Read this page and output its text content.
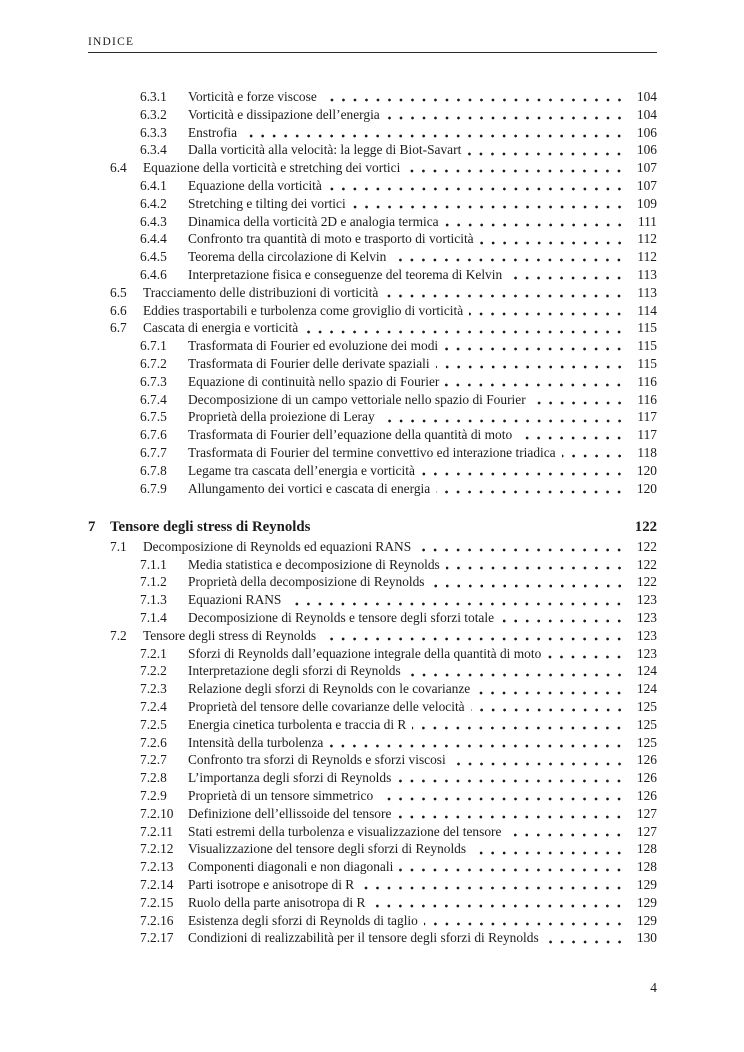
INDICE
6.3.1	Vorticità e forze viscose	104
6.3.2	Vorticità e dissipazione dell’energia	104
6.3.3	Enstrofia	106
6.3.4	Dalla vorticità alla velocità: la legge di Biot-Savart	106
6.4	Equazione della vorticità e stretching dei vortici	107
6.4.1	Equazione della vorticità	107
6.4.2	Stretching e tilting dei vortici	109
6.4.3	Dinamica della vorticità 2D e analogia termica	111
6.4.4	Confronto tra quantità di moto e trasporto di vorticità	112
6.4.5	Teorema della circolazione di Kelvin	112
6.4.6	Interpretazione fisica e conseguenze del teorema di Kelvin	113
6.5	Tracciamento delle distribuzioni di vorticità	113
6.6	Eddies trasportabili e turbolenza come groviglio di vorticità	114
6.7	Cascata di energia e vorticità	115
6.7.1	Trasformata di Fourier ed evoluzione dei modi	115
6.7.2	Trasformata di Fourier delle derivate spaziali	115
6.7.3	Equazione di continuità nello spazio di Fourier	116
6.7.4	Decomposizione di un campo vettoriale nello spazio di Fourier	116
6.7.5	Proprietà della proiezione di Leray	117
6.7.6	Trasformata di Fourier dell’equazione della quantità di moto	117
6.7.7	Trasformata di Fourier del termine convettivo ed interazione triadica	118
6.7.8	Legame tra cascata dell’energia e vorticità	120
6.7.9	Allungamento dei vortici e cascata di energia	120
7 Tensore degli stress di Reynolds	122
7.1	Decomposizione di Reynolds ed equazioni RANS	122
7.1.1	Media statistica e decomposizione di Reynolds	122
7.1.2	Proprietà della decomposizione di Reynolds	122
7.1.3	Equazioni RANS	123
7.1.4	Decomposizione di Reynolds e tensore degli sforzi totale	123
7.2	Tensore degli stress di Reynolds	123
7.2.1	Sforzi di Reynolds dall’equazione integrale della quantità di moto	123
7.2.2	Interpretazione degli sforzi di Reynolds	124
7.2.3	Relazione degli sforzi di Reynolds con le covarianze	124
7.2.4	Proprietà del tensore delle covarianze delle velocità	125
7.2.5	Energia cinetica turbolenta e traccia di R	125
7.2.6	Intensità della turbolenza	125
7.2.7	Confronto tra sforzi di Reynolds e sforzi viscosi	126
7.2.8	L’importanza degli sforzi di Reynolds	126
7.2.9	Proprietà di un tensore simmetrico	126
7.2.10	Definizione dell’ellissoide del tensore	127
7.2.11	Stati estremi della turbolenza e visualizzazione del tensore	127
7.2.12	Visualizzazione del tensore degli sforzi di Reynolds	128
7.2.13	Componenti diagonali e non diagonali	128
7.2.14	Parti isotrope e anisotrope di R	129
7.2.15	Ruolo della parte anisotropa di R	129
7.2.16	Esistenza degli sforzi di Reynolds di taglio	129
7.2.17	Condizioni di realizzabilità per il tensore degli sforzi di Reynolds	130
4
